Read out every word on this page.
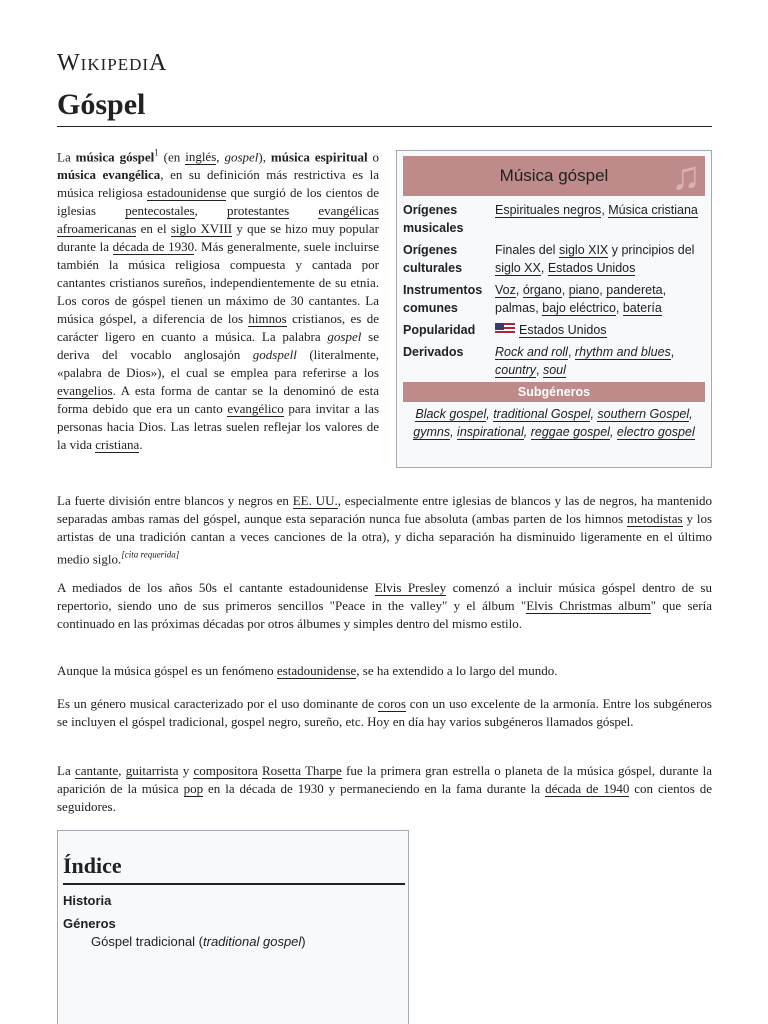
WIKIPEDIA
Góspel
La música góspel$^1$ (en inglés, gospel), música espiritual o música evangélica, en su definición más restrictiva es la música religiosa estadounidense que surgió de los cientos de iglesias pentecostales, protestantes evangélicas afroamericanas en el siglo XVIII y que se hizo muy popular durante la década de 1930. Más generalmente, suele incluirse también la música religiosa compuesta y cantada por cantantes cristianos sureños, independientemente de su etnia. Los coros de góspel tienen un máximo de 30 cantantes. La música góspel, a diferencia de los himnos cristianos, es de carácter ligero en cuanto a música. La palabra gospel se deriva del vocablo anglosajón godspell (literalmente, «palabra de Dios»), el cual se emplea para referirse a los evangelios. A esta forma de cantar se la denominó de esta forma debido que era un canto evangélico para invitar a las personas hacia Dios. Las letras suelen reflejar los valores de la vida cristiana.
Música góspel ♫
Orígenes musicales
Espirituales negros, Música cristiana
Orígenes culturales
Finales del siglo XIX y principios del siglo XX, Estados Unidos
Instrumentos comunes
Voz, órgano, piano, pandereta, palmas, bajo eléctrico, batería
Popularidad	Estados Unidos
Derivados	Rock and roll, rhythm and blues, country, soul
Subgéneros
Black gospel, traditional Gospel, southern Gospel, gymns, inspirational, reggae gospel, electro gospel
La fuerte división entre blancos y negros en EE. UU., especialmente entre iglesias de blancos y las de negros, ha mantenido separadas ambas ramas del góspel, aunque esta separación nunca fue absoluta (ambas parten de los himnos metodistas y los artistas de una tradición cantan a veces canciones de la otra), y dicha separación ha disminuido ligeramente en el último medio siglo.[cita requerida]
A mediados de los años 50s el cantante estadounidense Elvis Presley comenzó a incluir música góspel dentro de su repertorio, siendo uno de sus primeros sencillos "Peace in the valley" y el álbum "Elvis Christmas album" que sería continuado en las próximas décadas por otros álbumes y simples dentro del mismo estilo.
Aunque la música góspel es un fenómeno estadounidense, se ha extendido a lo largo del mundo.
Es un género musical caracterizado por el uso dominante de coros con un uso excelente de la armonía. Entre los subgéneros se incluyen el góspel tradicional, gospel negro, sureño, etc. Hoy en día hay varios subgéneros llamados góspel.
La cantante, guitarrista y compositora Rosetta Tharpe fue la primera gran estrella o planeta de la música góspel, durante la aparición de la música pop en la década de 1930 y permaneciendo en la fama durante la década de 1940 con cientos de seguidores.
Índice
Historia
Géneros
Góspel tradicional (traditional gospel)
